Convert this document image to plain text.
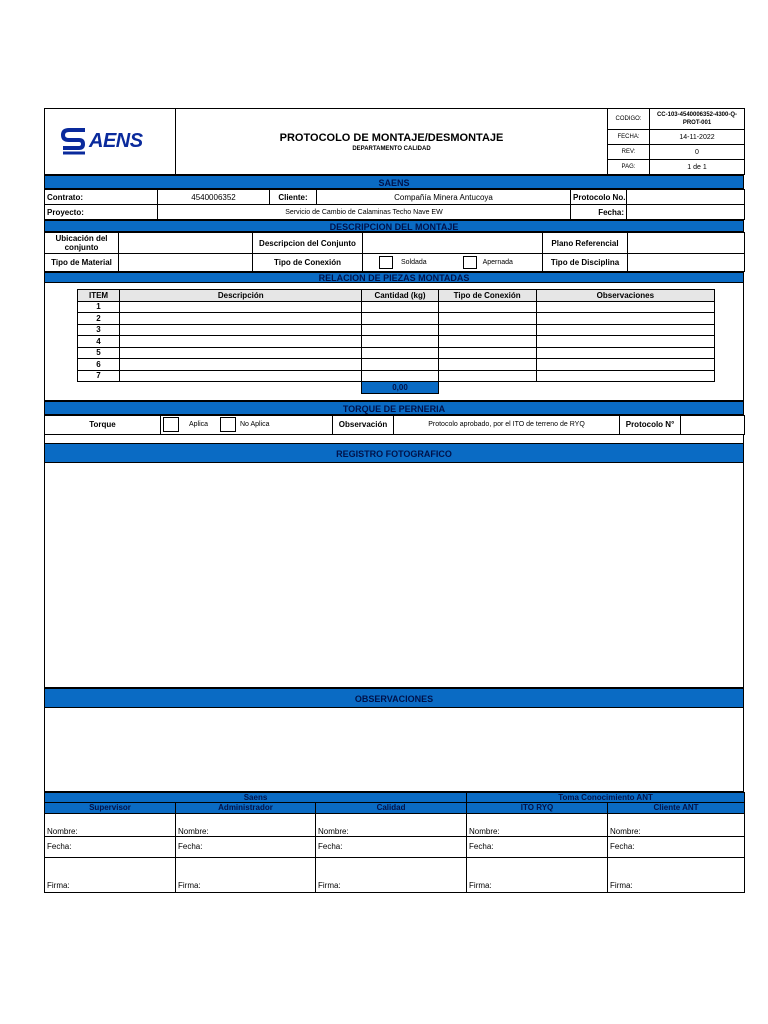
AENS	PROTOCOLO DE MONTAJE/DESMONTAJE
DEPARTAMENTO CALIDAD	CODIGO:	CC-103-4540006352-4300-Q-PROT-001
		FECHA:	14-11-2022
		REV:	0
		PAG:	1 de 1
SAENS
Contrato:	4540006352	Cliente:	Compañía Minera Antucoya	Protocolo No.	
Proyecto:	Servicio de Cambio de Calaminas Techo Nave EW			Fecha:	
DESCRIPCION DEL MONTAJE
Ubicación del conjunto		Descripcion del Conjunto		Plano Referencial	
Tipo de Material		Tipo de Conexión	Soldada Apernada	Tipo de Disciplina	
RELACION DE PIEZAS MONTADAS
ITEM	Descripción	Cantidad (kg)	Tipo de Conexión	Observaciones
1				
2				
3				
4				
5				
6				
7				
		0,00		
TORQUE DE PERNERIA
Torque	Aplica	No Aplica	Observación	Protocolo aprobado, por el ITO de terreno de RYQ	Protocolo N°	
REGISTRO FOTOGRAFICO
OBSERVACIONES
Saens			Toma Conocimiento ANT	
Supervisor	Administrador	Calidad	ITO RYQ	Cliente ANT
Nombre:	Nombre:	Nombre:	Nombre:	Nombre:
Fecha:	Fecha:	Fecha:	Fecha:	Fecha:
Firma:	Firma:	Firma:	Firma:	Firma:
